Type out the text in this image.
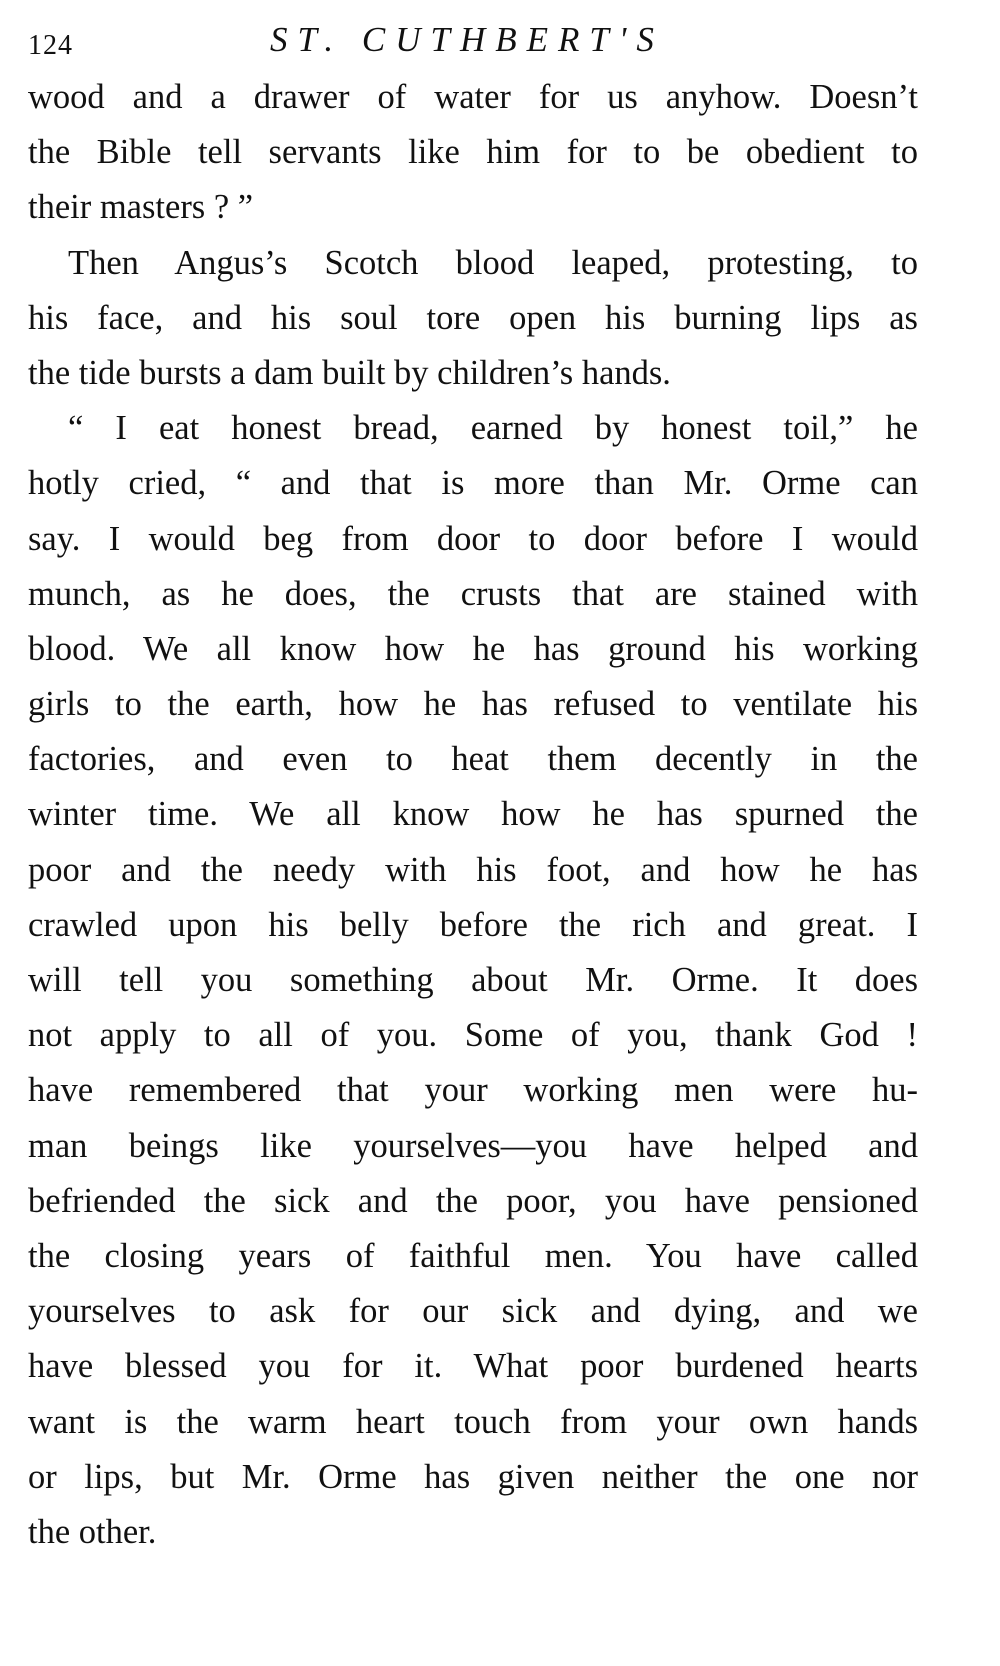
124	ST. CUTHBERT'S
wood and a drawer of water for us anyhow. Doesn’t
the Bible tell servants like him for to be obedient to
their masters ? ”
Then Angus’s Scotch blood leaped, protesting, to
his face, and his soul tore open his burning lips as
the tide bursts a dam built by children’s hands.
“ I eat honest bread, earned by honest toil,” he
hotly cried, “ and that is more than Mr. Orme can
say. I would beg from door to door before I would
munch, as he does, the crusts that are stained with
blood. We all know how he has ground his working
girls to the earth, how he has refused to ventilate his
factories, and even to heat them decently in the
winter time. We all know how he has spurned the
poor and the needy with his foot, and how he has
crawled upon his belly before the rich and great. I
will tell you something about Mr. Orme. It does
not apply to all of you. Some of you, thank God !
have remembered that your working men were hu-
man beings like yourselves—you have helped and
befriended the sick and the poor, you have pensioned
the closing years of faithful men. You have called
yourselves to ask for our sick and dying, and we
have blessed you for it. What poor burdened hearts
want is the warm heart touch from your own hands
or lips, but Mr. Orme has given neither the one nor
the other.
